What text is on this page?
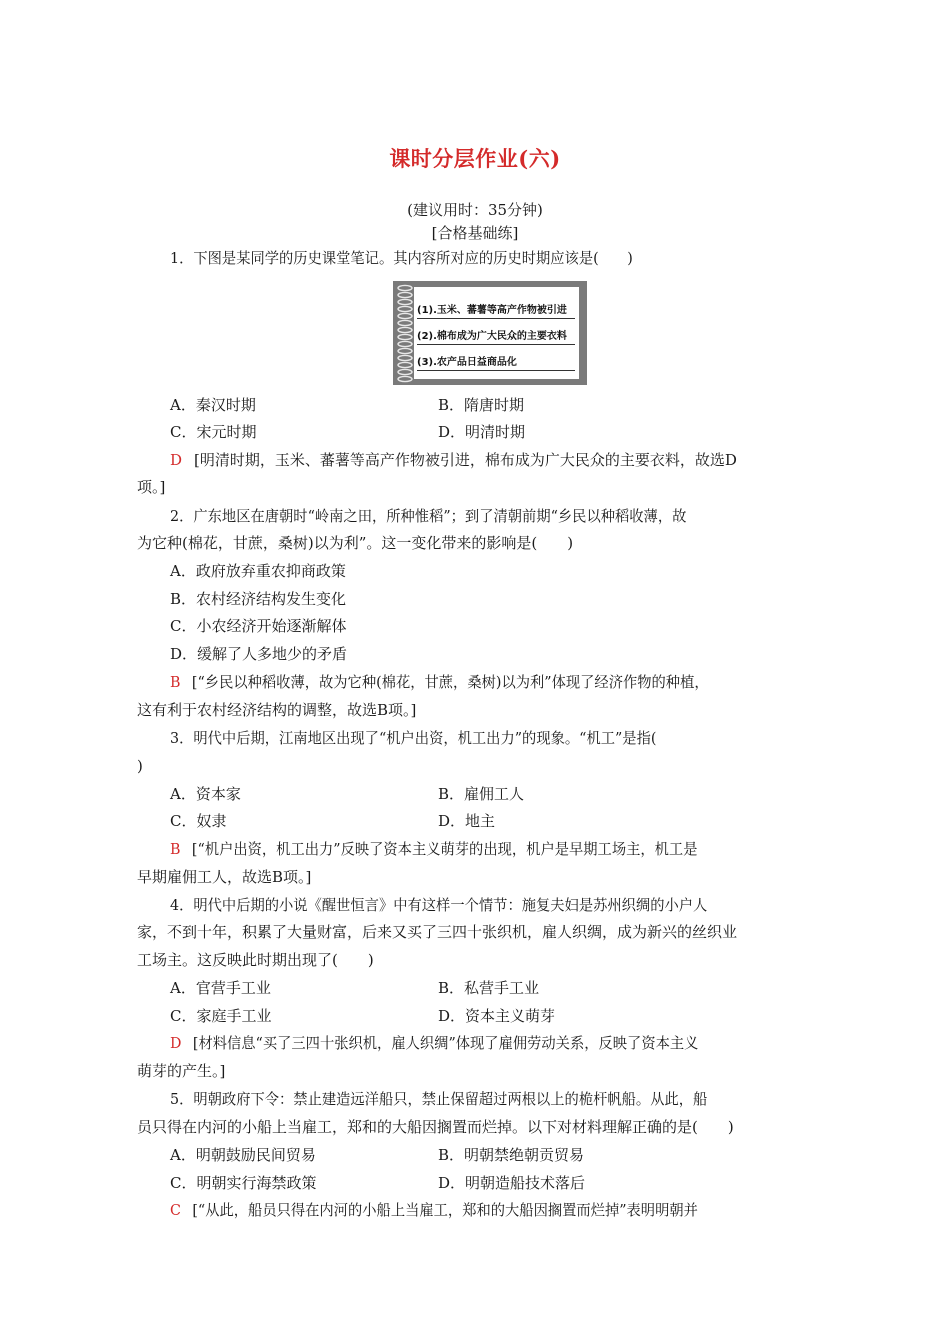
课时分层作业(六)
(建议用时：35分钟)
[合格基础练]
1．下图是某同学的历史课堂笔记。其内容所对应的历史时期应该是(　　)
(1).玉米、蕃薯等高产作物被引进
(2).棉布成为广大民众的主要衣料
(3).农产品日益商品化
A．秦汉时期	B．隋唐时期
C．宋元时期	D．明清时期
D [明清时期，玉米、蕃薯等高产作物被引进，棉布成为广大民众的主要衣料，故选D
项。]
2．广东地区在唐朝时“岭南之田，所种惟稻”；到了清朝前期“乡民以种稻收薄，故
为它种(棉花，甘蔗，桑树)以为利”。这一变化带来的影响是(　　)
A．政府放弃重农抑商政策
B．农村经济结构发生变化
C．小农经济开始逐渐解体
D．缓解了人多地少的矛盾
B [“乡民以种稻收薄，故为它种(棉花，甘蔗，桑树)以为利”体现了经济作物的种植，
这有利于农村经济结构的调整，故选B项。]
3．明代中后期，江南地区出现了“机户出资，机工出力”的现象。“机工”是指(
)
A．资本家	B．雇佣工人
C．奴隶	D．地主
B [“机户出资，机工出力”反映了资本主义萌芽的出现，机户是早期工场主，机工是
早期雇佣工人，故选B项。]
4．明代中后期的小说《醒世恒言》中有这样一个情节：施复夫妇是苏州织绸的小户人
家，不到十年，积累了大量财富，后来又买了三四十张织机，雇人织绸，成为新兴的丝织业
工场主。这反映此时期出现了(　　)
A．官营手工业	B．私营手工业
C．家庭手工业	D．资本主义萌芽
D [材料信息“买了三四十张织机，雇人织绸”体现了雇佣劳动关系，反映了资本主义
萌芽的产生。]
5．明朝政府下令：禁止建造远洋船只，禁止保留超过两根以上的桅杆帆船。从此，船
员只得在内河的小船上当雇工，郑和的大船因搁置而烂掉。以下对材料理解正确的是(　　)
A．明朝鼓励民间贸易	B．明朝禁绝朝贡贸易
C．明朝实行海禁政策	D．明朝造船技术落后
C [“从此，船员只得在内河的小船上当雇工，郑和的大船因搁置而烂掉”表明明朝并
